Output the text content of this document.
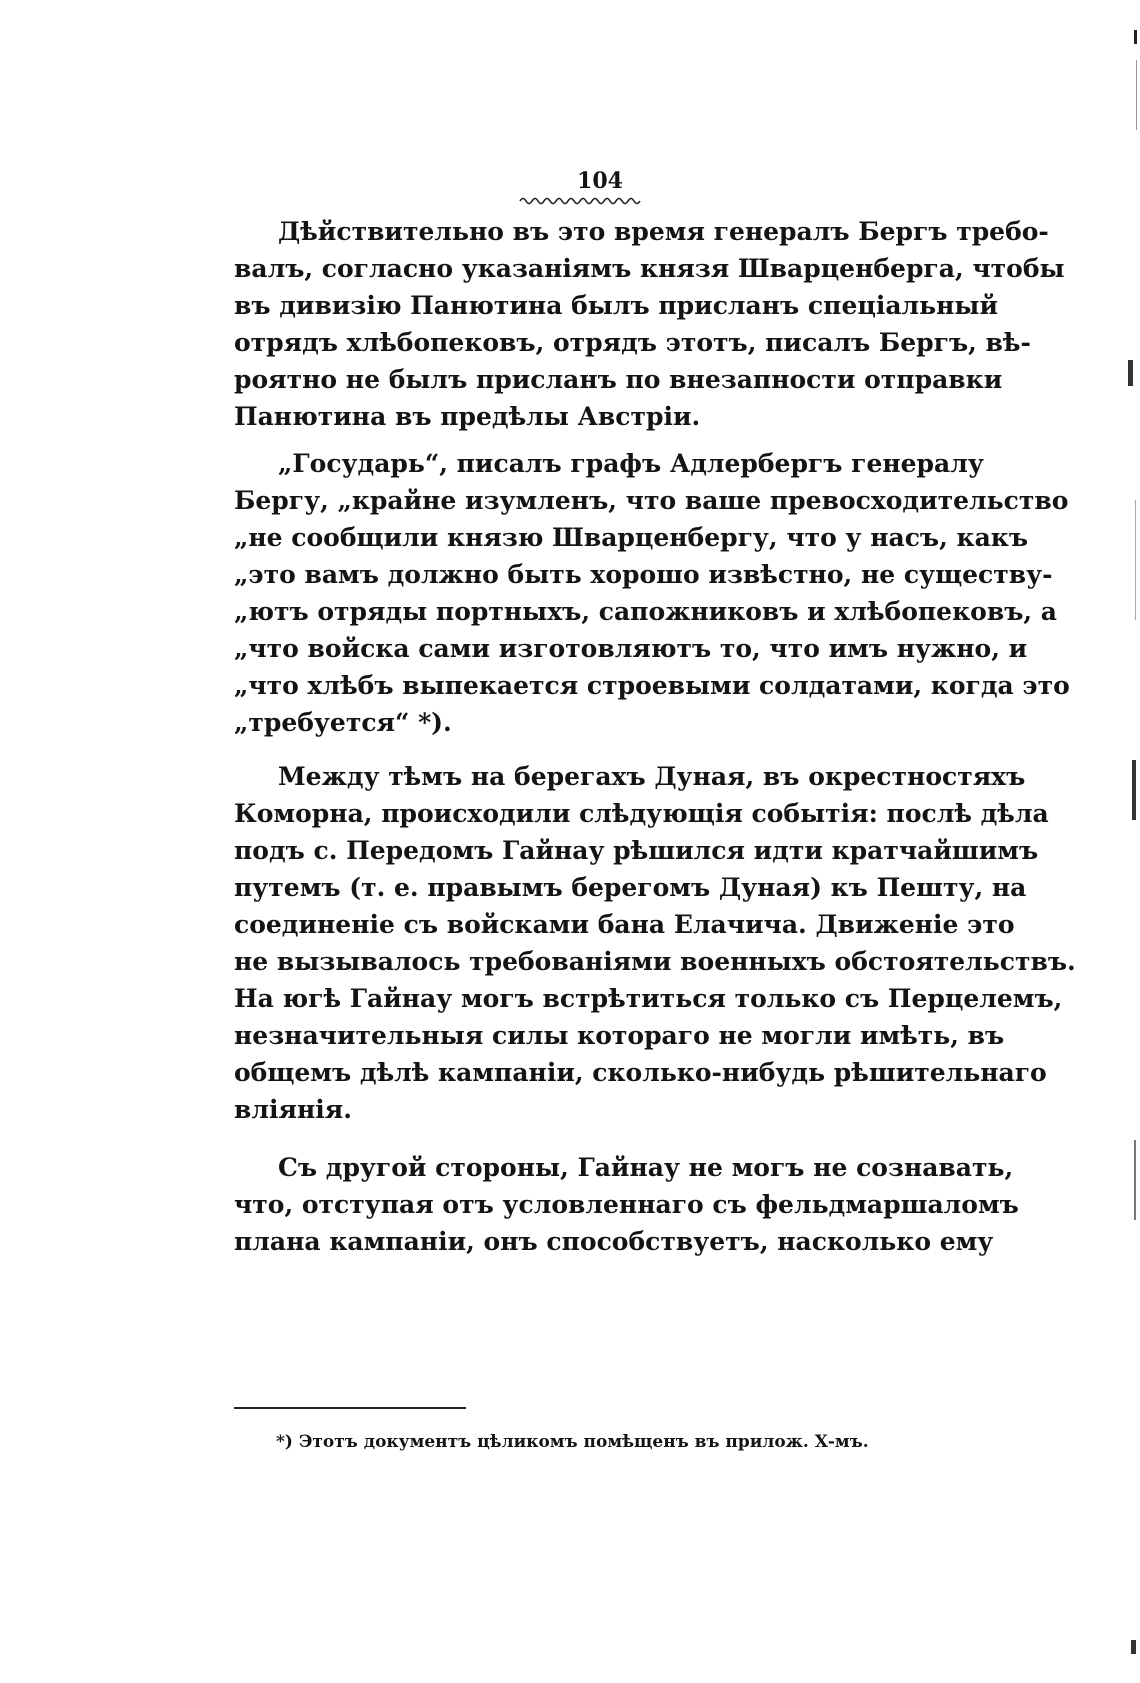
104
Дѣйствительно въ это время генералъ Бергъ требо-
валъ, согласно указаніямъ князя Шварценберга, чтобы
въ дивизію Панютина былъ присланъ спеціальный
отрядъ хлѣбопековъ, отрядъ этотъ, писалъ Бергъ, вѣ-
роятно не былъ присланъ по внезапности отправки
Панютина въ предѣлы Австріи.
„Государь“, писалъ графъ Адлербергъ генералу
Бергу, „крайне изумленъ, что ваше превосходительство
„не сообщили князю Шварценбергу, что у насъ, какъ
„это вамъ должно быть хорошо извѣстно, не существу-
„ютъ отряды портныхъ, сапожниковъ и хлѣбопековъ, а
„что войска сами изготовляютъ то, что имъ нужно, и
„что хлѣбъ выпекается строевыми солдатами, когда это
„требуется“ *).
Между тѣмъ на берегахъ Дуная, въ окрестностяхъ
Коморна, происходили слѣдующія событія: послѣ дѣла
подъ с. Передомъ Гайнау рѣшился идти кратчайшимъ
путемъ (т. е. правымъ берегомъ Дуная) къ Пешту, на
соединеніе съ войсками бана Елачича. Движеніе это
не вызывалось требованіями военныхъ обстоятельствъ.
На югѣ Гайнау могъ встрѣтиться только съ Перцелемъ,
незначительныя силы котораго не могли имѣть, въ
общемъ дѣлѣ кампаніи, сколько-нибудь рѣшительнаго
вліянія.
Съ другой стороны, Гайнау не могъ не сознавать,
что, отступая отъ условленнаго съ фельдмаршаломъ
плана кампаніи, онъ способствуетъ, насколько ему
*) Этотъ документъ цѣликомъ помѣщенъ въ прилож. Х-мъ.
